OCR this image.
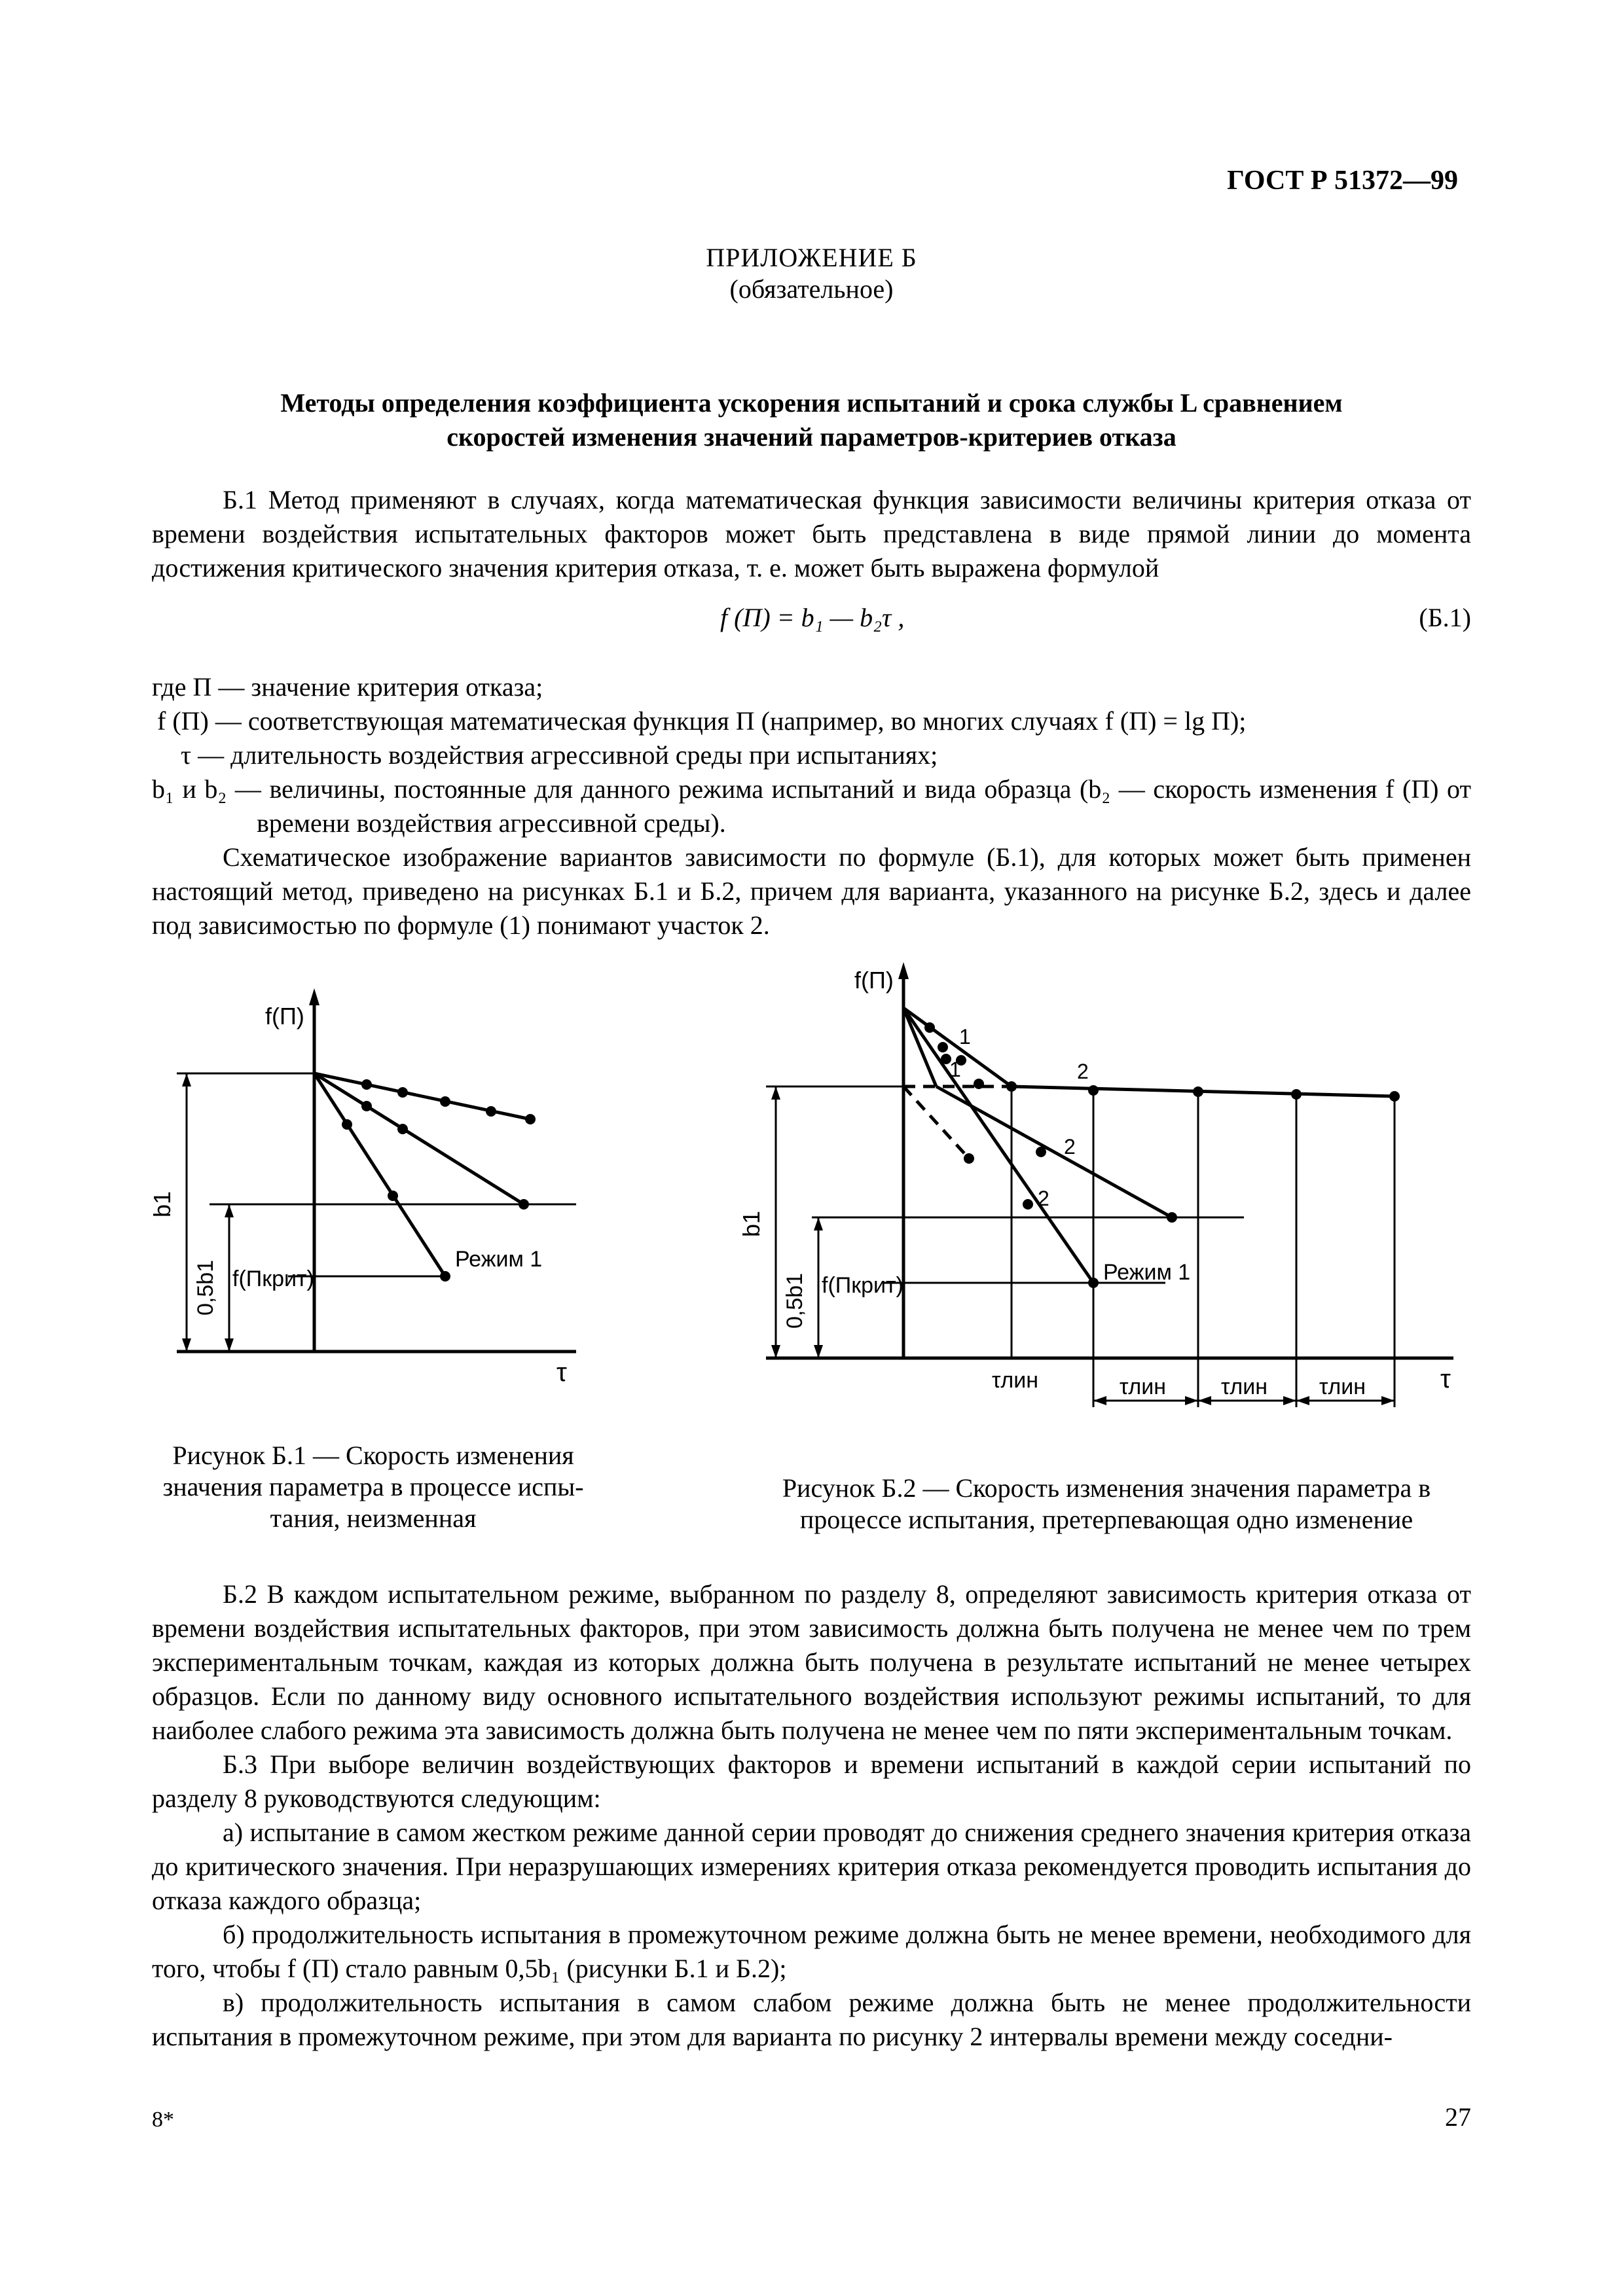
ГОСТ Р 51372—99
ПРИЛОЖЕНИЕ Б
(обязательное)
Методы определения коэффициента ускорения испытаний и срока службы L сравнением
скоростей изменения значений параметров-критериев отказа

Б.1 Метод применяют в случаях, когда математическая функция зависимости величины критерия отказа от времени воздействия испытательных факторов может быть представлена в виде прямой линии до момента достижения критического значения критерия отказа, т. е. может быть выражена формулой

f (П) = b₁ — b₂τ ,	(Б.1)

где П — значение критерия отказа;

f (П) — соответствующая математическая функция П (например, во многих случаях f (П) = lg П);

τ — длительность воздействия агрессивной среды при испытаниях;

b₁ и b₂ — величины, постоянные для данного режима испытаний и вида образца (b₂ — скорость изменения f (П) от времени воздействия агрессивной среды).

Схематическое изображение вариантов зависимости по формуле (Б.1), для которых может быть применен настоящий метод, приведено на рисунках Б.1 и Б.2, причем для варианта, указанного на рисунке Б.2, здесь и далее под зависимостью по формуле (1) понимают участок 2.

f(П)
τ
b1
0,5b1 f(Пкрит)
Режим 1
Рисунок Б.1 — Скорость изменения
значения параметра в процессе испы-
тания, неизменная
f(П)
τ
b1
0,5b1 f(Пкрит)
Режим 1
1
1	2
2
2
τлин	τлин τлин τлин
Рисунок Б.2 — Скорость изменения значения параметра в
процессе испытания, претерпевающая одно изменение

Б.2 В каждом испытательном режиме, выбранном по разделу 8, определяют зависимость критерия отказа от времени воздействия испытательных факторов, при этом зависимость должна быть получена не менее чем по трем экспериментальным точкам, каждая из которых должна быть получена в результате испытаний не менее четырех образцов. Если по данному виду основного испытательного воздействия используют режимы испытаний, то для наиболее слабого режима эта зависимость должна быть получена не менее чем по пяти экспериментальным точкам.

Б.3 При выборе величин воздействующих факторов и времени испытаний в каждой серии испытаний по разделу 8 руководствуются следующим:

а) испытание в самом жестком режиме данной серии проводят до снижения среднего значения критерия отказа до критического значения. При неразрушающих измерениях критерия отказа рекомендуется проводить испытания до отказа каждого образца;

б) продолжительность испытания в промежуточном режиме должна быть не менее времени, необходимого для того, чтобы f (П) стало равным 0,5b₁ (рисунки Б.1 и Б.2);

в) продолжительность испытания в самом слабом режиме должна быть не менее продолжительности испытания в промежуточном режиме, при этом для варианта по рисунку 2 интервалы времени между соседни-

8*	27
